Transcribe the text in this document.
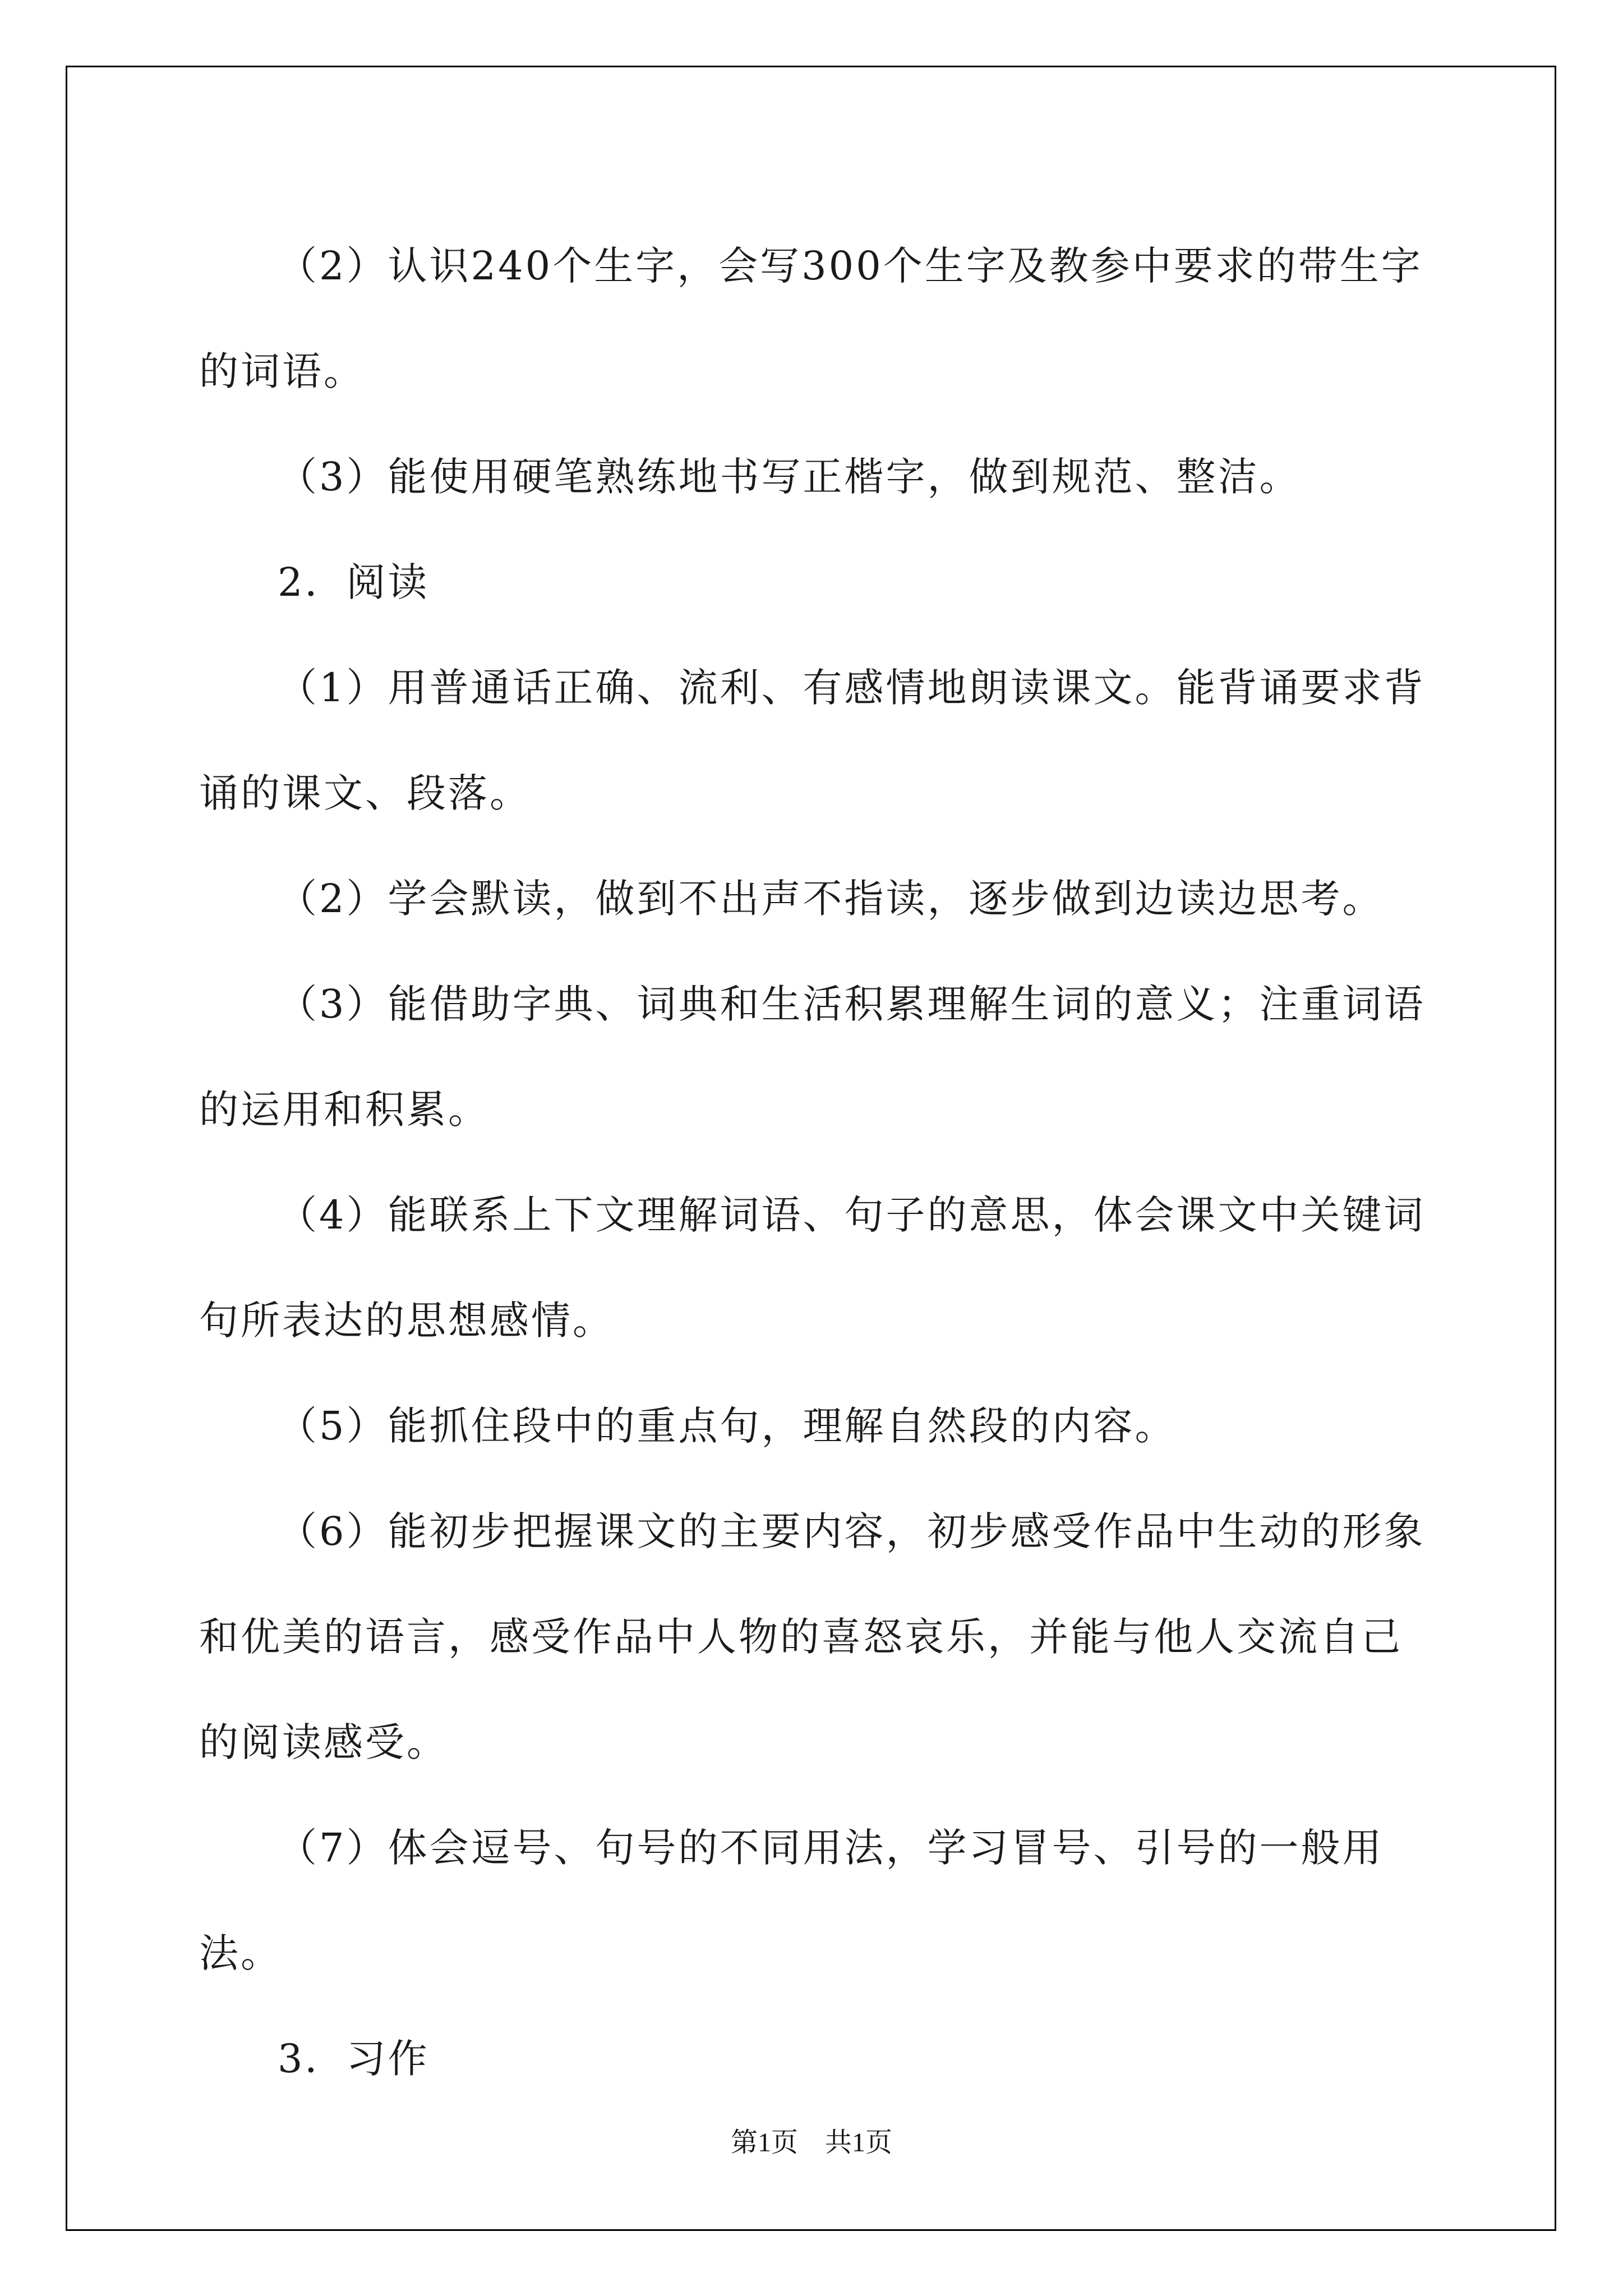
（2）认识240个生字，会写300个生字及教参中要求的带生字的词语。

（3）能使用硬笔熟练地书写正楷字，做到规范、整洁。

2．阅读

（1）用普通话正确、流利、有感情地朗读课文。能背诵要求背诵的课文、段落。

（2）学会默读，做到不出声不指读，逐步做到边读边思考。

（3）能借助字典、词典和生活积累理解生词的意义；注重词语的运用和积累。

（4）能联系上下文理解词语、句子的意思，体会课文中关键词句所表达的思想感情。

（5）能抓住段中的重点句，理解自然段的内容。

（6）能初步把握课文的主要内容，初步感受作品中生动的形象和优美的语言，感受作品中人物的喜怒哀乐，并能与他人交流自己的阅读感受。

（7）体会逗号、句号的不同用法，学习冒号、引号的一般用法。

3．习作

第1页 共1页
